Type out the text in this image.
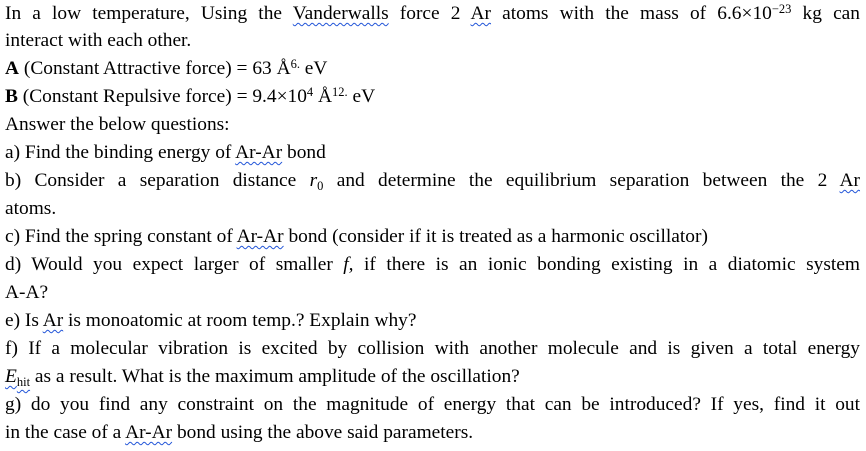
In a low temperature, Using the Vanderwalls force 2 Ar atoms with the mass of $6.6\times 10^{-23}$ kg can
interact with each other.
A (Constant Attractive force) = 63 $Å^{6.}$ eV
B (Constant Repulsive force) = $9.4\times 10^4$ $Å^{12.}$ eV
Answer the below questions:
a) Find the binding energy of Ar-Ar bond
b) Consider a separation distance $r_0$ and determine the equilibrium separation between the 2 Ar
atoms.
c) Find the spring constant of Ar-Ar bond (consider if it is treated as a harmonic oscillator)
d) Would you expect larger of smaller f, if there is an ionic bonding existing in a diatomic system
A-A?
e) Is Ar is monoatomic at room temp.? Explain why?
f) If a molecular vibration is excited by collision with another molecule and is given a total energy
$E_{hit}$ as a result. What is the maximum amplitude of the oscillation?
g) do you find any constraint on the magnitude of energy that can be introduced? If yes, find it out
in the case of a Ar-Ar bond using the above said parameters.
